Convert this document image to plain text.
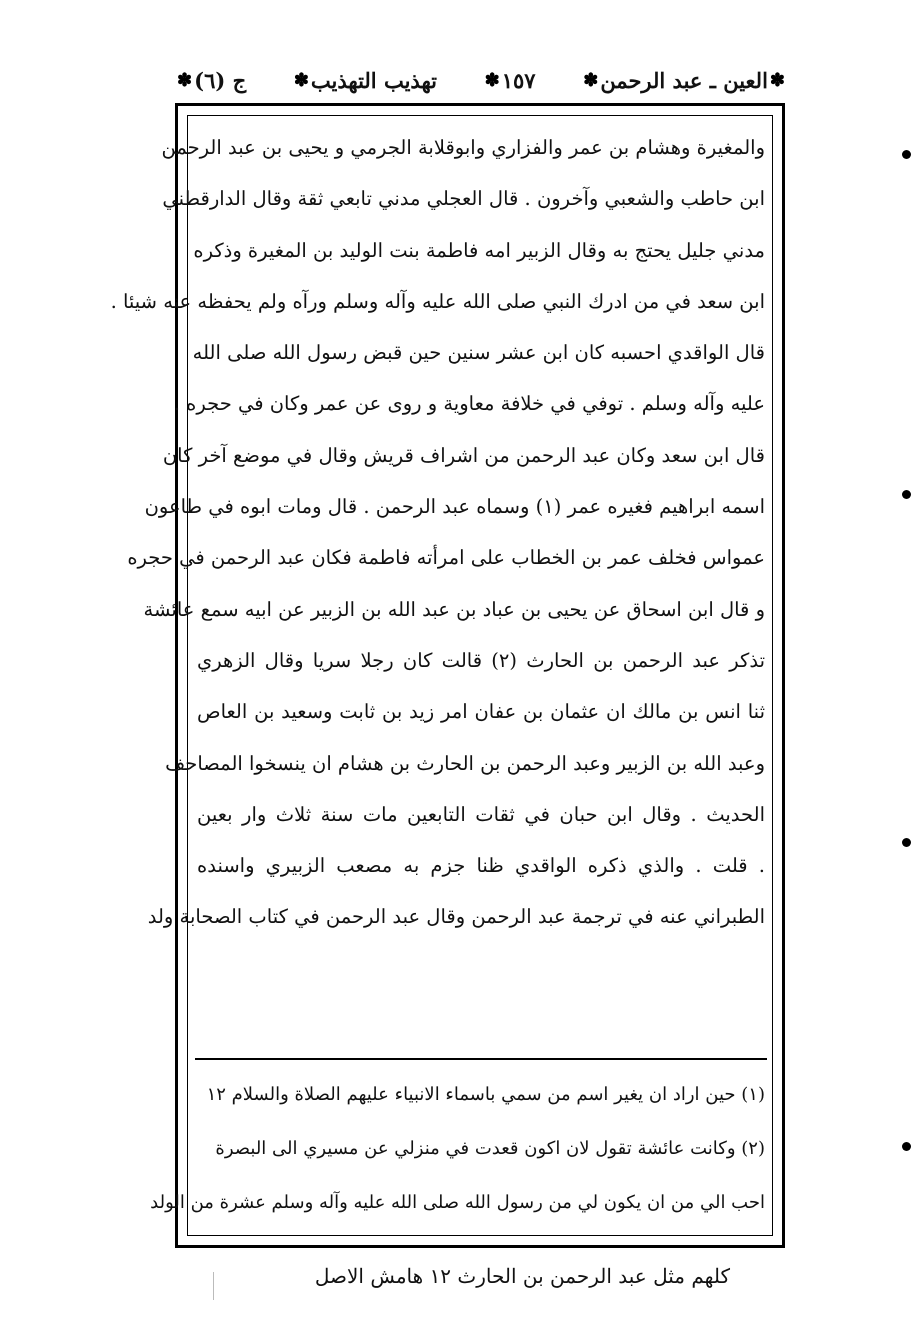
ج (٦)
✽	تهذيب التهذيب
✽	١٥٧
✽	✽
العين ـ عبد الرحمن
✽
والمغيرة وهشام بن عمر والفزاري وابوقلابة الجرمي و يحيى بن عبد الرحمن
ابن حاطب والشعبي وآخرون . قال العجلي مدني تابعي ثقة وقال الدارقطني
مدني جليل يحتج به وقال الزبير امه فاطمة بنت الوليد بن المغيرة وذكره
ابن سعد في من ادرك النبي صلى الله عليه وآله وسلم ورآه ولم يحفظه عنه شيئا .
قال الواقدي احسبه كان ابن عشر سنين حين قبض رسول الله صلى الله
عليه وآله وسلم . توفي في خلافة معاوية و روى عن عمر وكان في حجره .
قال ابن سعد وكان عبد الرحمن من اشراف قريش وقال في موضع آخر كان
اسمه ابراهيم فغيره عمر (١) وسماه عبد الرحمن . قال ومات ابوه في طاعون
عمواس فخلف عمر بن الخطاب على امرأته فاطمة فكان عبد الرحمن في حجره
و قال ابن اسحاق عن يحيى بن عباد بن عبد الله بن الزبير عن ابيه سمع عائشة
تذكر عبد الرحمن بن الحارث (٢) قالت كان رجلا سريا وقال الزهري
ثنا انس بن مالك ان عثمان بن عفان امر زيد بن ثابت وسعيد بن العاص
وعبد الله بن الزبير وعبد الرحمن بن الحارث بن هشام ان ينسخوا المصاحف
الحديث . وقال ابن حبان في ثقات التابعين مات سنة ثلاث وار بعين
. قلت . والذي ذكره الواقدي ظنا جزم به مصعب الزبيري واسنده
الطبراني عنه في ترجمة عبد الرحمن وقال عبد الرحمن في كتاب الصحابة ولد
(١) حين اراد ان يغير اسم من سمي باسماء الانبياء عليهم الصلاة والسلام ١٢
(٢) وكانت عائشة تقول لان اكون قعدت في منزلي عن مسيري الى البصرة
احب الي من ان يكون لي من رسول الله صلى الله عليه وآله وسلم عشرة من الولد
كلهم مثل عبد الرحمن بن الحارث ١٢ هامش الاصل
